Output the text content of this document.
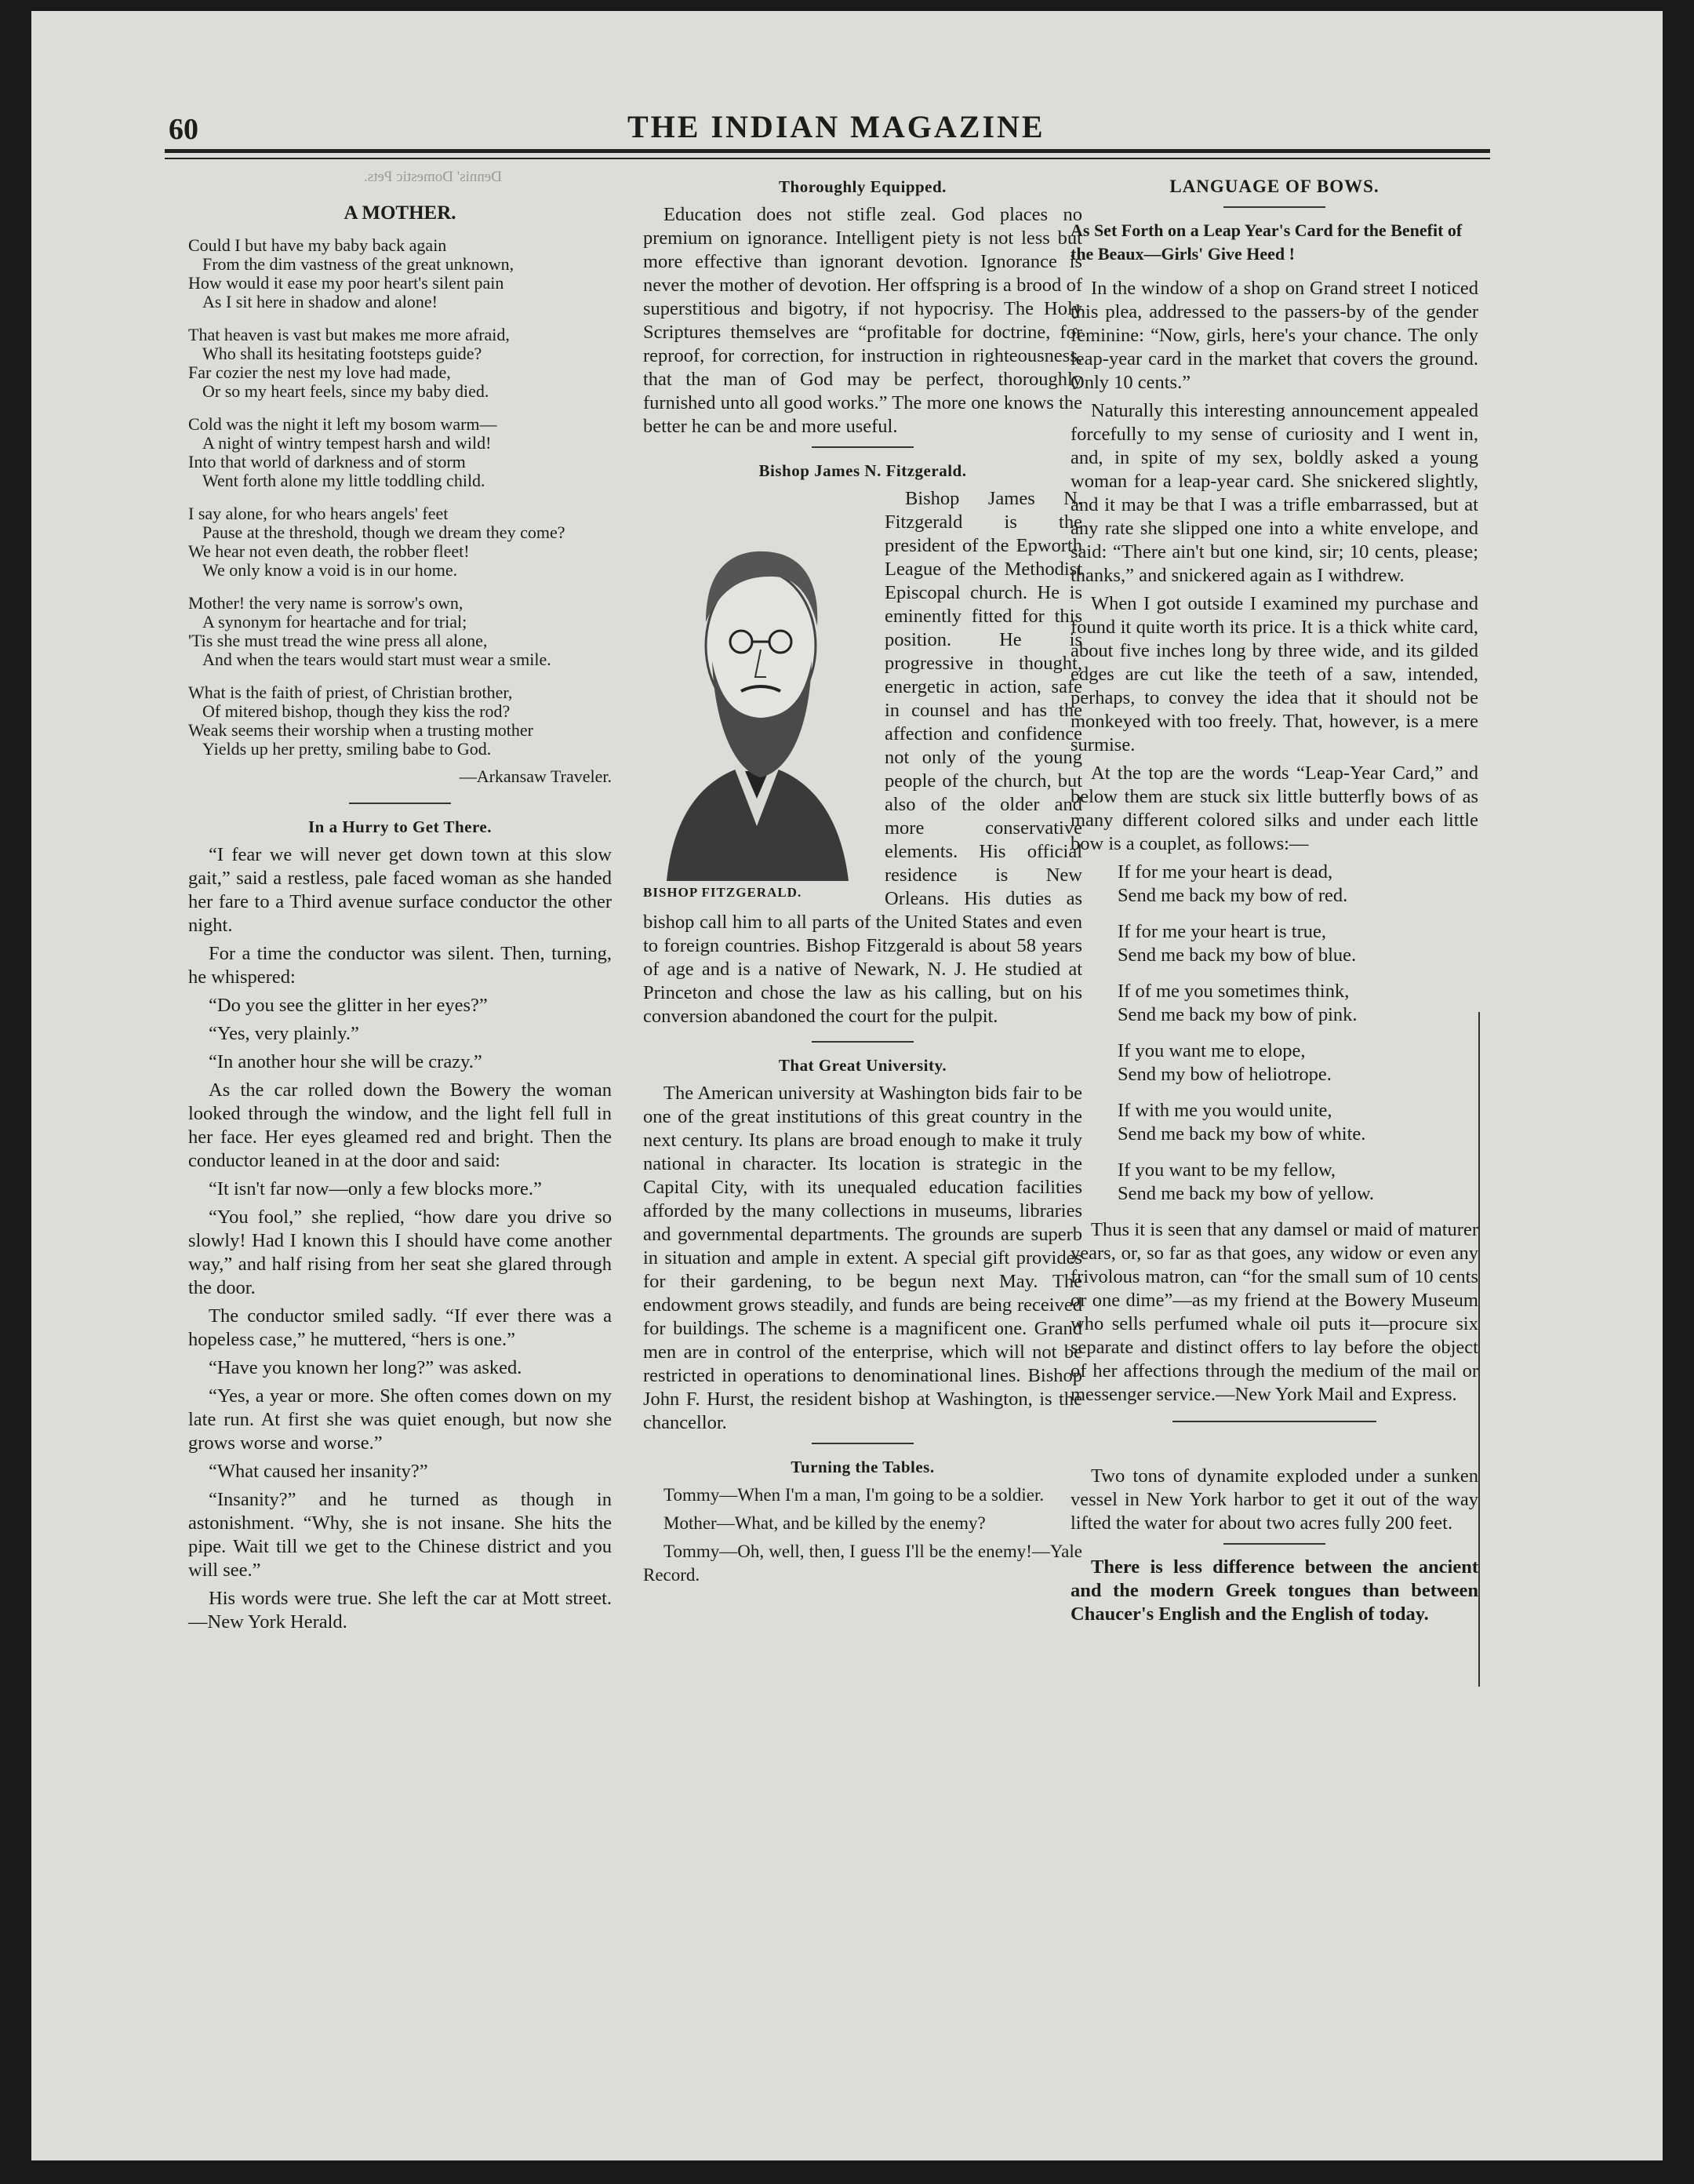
Dennis' Domestic Pets.
60	THE INDIAN MAGAZINE
A MOTHER.
Could I but have my baby back again
From the dim vastness of the great unknown,
How would it ease my poor heart's silent pain
As I sit here in shadow and alone!
That heaven is vast but makes me more afraid,
Who shall its hesitating footsteps guide?
Far cozier the nest my love had made,
Or so my heart feels, since my baby died.
Cold was the night it left my bosom warm—
A night of wintry tempest harsh and wild!
Into that world of darkness and of storm
Went forth alone my little toddling child.
I say alone, for who hears angels' feet
Pause at the threshold, though we dream they come?
We hear not even death, the robber fleet!
We only know a void is in our home.
Mother! the very name is sorrow's own,
A synonym for heartache and for trial;
'Tis she must tread the wine press all alone,
And when the tears would start must wear a smile.
What is the faith of priest, of Christian brother,
Of mitered bishop, though they kiss the rod?
Weak seems their worship when a trusting mother
Yields up her pretty, smiling babe to God.
—Arkansaw Traveler.
In a Hurry to Get There.

“I fear we will never get down town at this slow gait,” said a restless, pale faced woman as she handed her fare to a Third avenue surface conductor the other night.

For a time the conductor was silent. Then, turning, he whispered:

“Do you see the glitter in her eyes?”

“Yes, very plainly.”

“In another hour she will be crazy.”

As the car rolled down the Bowery the woman looked through the window, and the light fell full in her face. Her eyes gleamed red and bright. Then the conductor leaned in at the door and said:

“It isn't far now—only a few blocks more.”

“You fool,” she replied, “how dare you drive so slowly! Had I known this I should have come another way,” and half rising from her seat she glared through the door.

The conductor smiled sadly. “If ever there was a hopeless case,” he muttered, “hers is one.”

“Have you known her long?” was asked.

“Yes, a year or more. She often comes down on my late run. At first she was quiet enough, but now she grows worse and worse.”

“What caused her insanity?”

“Insanity?” and he turned as though in astonishment. “Why, she is not insane. She hits the pipe. Wait till we get to the Chinese district and you will see.”

His words were true. She left the car at Mott street.—New York Herald.

Thoroughly Equipped.

Education does not stifle zeal. God places no premium on ignorance. Intelligent piety is not less but more effective than ignorant devotion. Ignorance is never the mother of devotion. Her offspring is a brood of superstitious and bigotry, if not hypocrisy. The Holy Scriptures themselves are “profitable for doctrine, for reproof, for correction, for instruction in righteousness, that the man of God may be perfect, thoroughly furnished unto all good works.” The more one knows the better he can be and more useful.

Bishop James N. Fitzgerald.
BISHOP FITZGERALD.

Bishop James N. Fitzgerald is the president of the Epworth League of the Methodist Episcopal church. He is eminently fitted for this position. He is progressive in thought, energetic in action, safe in counsel and has the affection and confidence not only of the young people of the church, but also of the older and more conservative elements. His official residence is New Orleans. His duties as bishop call him to all parts of the United States and even to foreign countries. Bishop Fitzgerald is about 58 years of age and is a native of Newark, N. J. He studied at Princeton and chose the law as his calling, but on his conversion abandoned the court for the pulpit.

That Great University.

The American university at Washington bids fair to be one of the great institutions of this great country in the next century. Its plans are broad enough to make it truly national in character. Its location is strategic in the Capital City, with its unequaled education facilities afforded by the many collections in museums, libraries and governmental departments. The grounds are superb in situation and ample in extent. A special gift provides for their gardening, to be begun next May. The endowment grows steadily, and funds are being received for buildings. The scheme is a magnificent one. Grand men are in control of the enterprise, which will not be restricted in operations to denominational lines. Bishop John F. Hurst, the resident bishop at Washington, is the chancellor.

Turning the Tables.

Tommy—When I'm a man, I'm going to be a soldier.

Mother—What, and be killed by the enemy?

Tommy—Oh, well, then, I guess I'll be the enemy!—Yale Record.

LANGUAGE OF BOWS.
As Set Forth on a Leap Year's Card for the Benefit of the Beaux—Girls' Give Heed !

In the window of a shop on Grand street I noticed this plea, addressed to the passers-by of the gender feminine: “Now, girls, here's your chance. The only leap-year card in the market that covers the ground. Only 10 cents.”

Naturally this interesting announcement appealed forcefully to my sense of curiosity and I went in, and, in spite of my sex, boldly asked a young woman for a leap-year card. She snickered slightly, and it may be that I was a trifle embarrassed, but at any rate she slipped one into a white envelope, and said: “There ain't but one kind, sir; 10 cents, please; thanks,” and snickered again as I withdrew.

When I got outside I examined my purchase and found it quite worth its price. It is a thick white card, about five inches long by three wide, and its gilded edges are cut like the teeth of a saw, intended, perhaps, to convey the idea that it should not be monkeyed with too freely. That, however, is a mere surmise.

At the top are the words “Leap-Year Card,” and below them are stuck six little butterfly bows of as many different colored silks and under each little bow is a couplet, as follows:—

If for me your heart is dead,
Send me back my bow of red.
If for me your heart is true,
Send me back my bow of blue.
If of me you sometimes think,
Send me back my bow of pink.
If you want me to elope,
Send my bow of heliotrope.
If with me you would unite,
Send me back my bow of white.
If you want to be my fellow,
Send me back my bow of yellow.

Thus it is seen that any damsel or maid of maturer years, or, so far as that goes, any widow or even any frivolous matron, can “for the small sum of 10 cents or one dime”—as my friend at the Bowery Museum who sells perfumed whale oil puts it—procure six separate and distinct offers to lay before the object of her affections through the medium of the mail or messenger service.—New York Mail and Express.

Two tons of dynamite exploded under a sunken vessel in New York harbor to get it out of the way lifted the water for about two acres fully 200 feet.

There is less difference between the ancient and the modern Greek tongues than between Chaucer's English and the English of today.
